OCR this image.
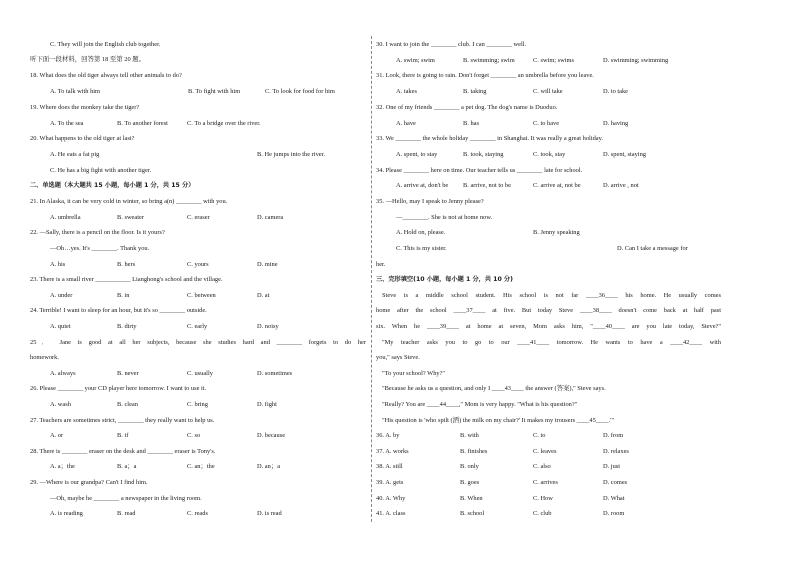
C. They will join the English club together.
听下面一段材料，回答第 18 至第 20 题。
18. What does the old tiger always tell other animals to do?
A. To talk with him	B. To fight with him	C. To look for food for him
19. Where does the monkey take the tiger?
A. To the sea	B. To another forest	C. To a bridge over the river.
20. What happens to the old tiger at last?
A. He eats a fat pig	B. He jumps into the river.
C. He has a big fight with another tiger.
二、单选题（本大题共 15 小题，每小题 1 分，共 15 分）
21. In Alaska, it can be very cold in winter, so bring a(n) ________ with you.
A. umbrella	B. sweater	C. eraser	D. camera
22. —Sally, there is a pencil on the floor. Is it yours?
—Oh…yes. It's ________. Thank you.
A. his	B. hers	C. yours	D. mine
23. There is a small river ___________ Lianghong's school and the village.
A. under	B. in	C. between	D. at
24. Terrible! I want to sleep for an hour, but it's so ________ outside.
A. quiet	B. dirty	C. early	D. noisy
25． Jane is good at all her subjects, because she studies hard and ________ forgets to do her
homework.
A. always	B. never	C. usually	D. sometimes
26. Please ________ your CD player here tomorrow. I want to use it.
A. wash	B. clean	C. bring	D. fight
27. Teachers are sometimes strict, ________ they really want to help us.
A. or	B. if	C. so	D. because
28. There is ________ eraser on the desk and ________ eraser is Tony's.
A. a；the	B. a；a	C. an；the	D. an；a
29. —Where is our grandpa? Can't I find him.
—Oh, maybe he ________ a newspaper in the living room.
A. is reading	B. read	C. reads	D. is read
30. I want to join the ________ club. I can ________ well.
A. swim; swim	B. swimming; swim	C. swim; swims	D. swimming; swimming
31. Look, there is going to rain. Don't forget ________ an umbrella before you leave.
A. takes	B. taking	C. will take	D. to take
32. One of my friends ________ a pet dog. The dog's name is Duoduo.
A. have	B. has	C. to have	D. having
33. We ________ the whole holiday ________ in Shanghai. It was really a great holiday.
A. spent, to stay	B. took, staying	C. took, stay	D. spent, staying
34. Please ________ here on time. Our teacher tells us ________ late for school.
A. arrive at, don't be B. arrive, not to be	C. arrive at, not be	D. arrive , not
35. —Hello, may I speak to Jenny please?
—________. She is not at home now.
A. Hold on, please.	B. Jenny speaking
C. This is my sister.	D. Can I take a message for
her.
三、完形填空(10 小题，每小题 1 分，共 10 分)
Steve is a middle school student. His school is not far ____36____ his home. He usually comes
home after the school ____37____ at five. But today Steve ____38____ doesn't come back at half past
six. When he ____39____ at home at seven, Mom asks him, "____40____ are you late today, Steve?"
"My teacher asks you to go to our ____41____ tomorrow. He wants to have a ____42____ with
you," says Steve.
"To your school? Why?"
"Because he asks us a question, and only I ____43____ the answer (答案)," Steve says.
"Really? You are ____44____," Mom is very happy. "What is his question?"
"His question is 'who spilt (洒) the milk on my chair?' It makes my trousers ____45____.'"
36. A. by	B. with	C. to	D. from
37. A. works	B. finishes	C. leaves	D. relaxes
38. A. still	B. only	C. also	D. just
39. A. gets	B. goes	C. arrives	D. comes
40. A. Why	B. When	C. How	D. What
41. A. class	B. school	C. club	D. room
